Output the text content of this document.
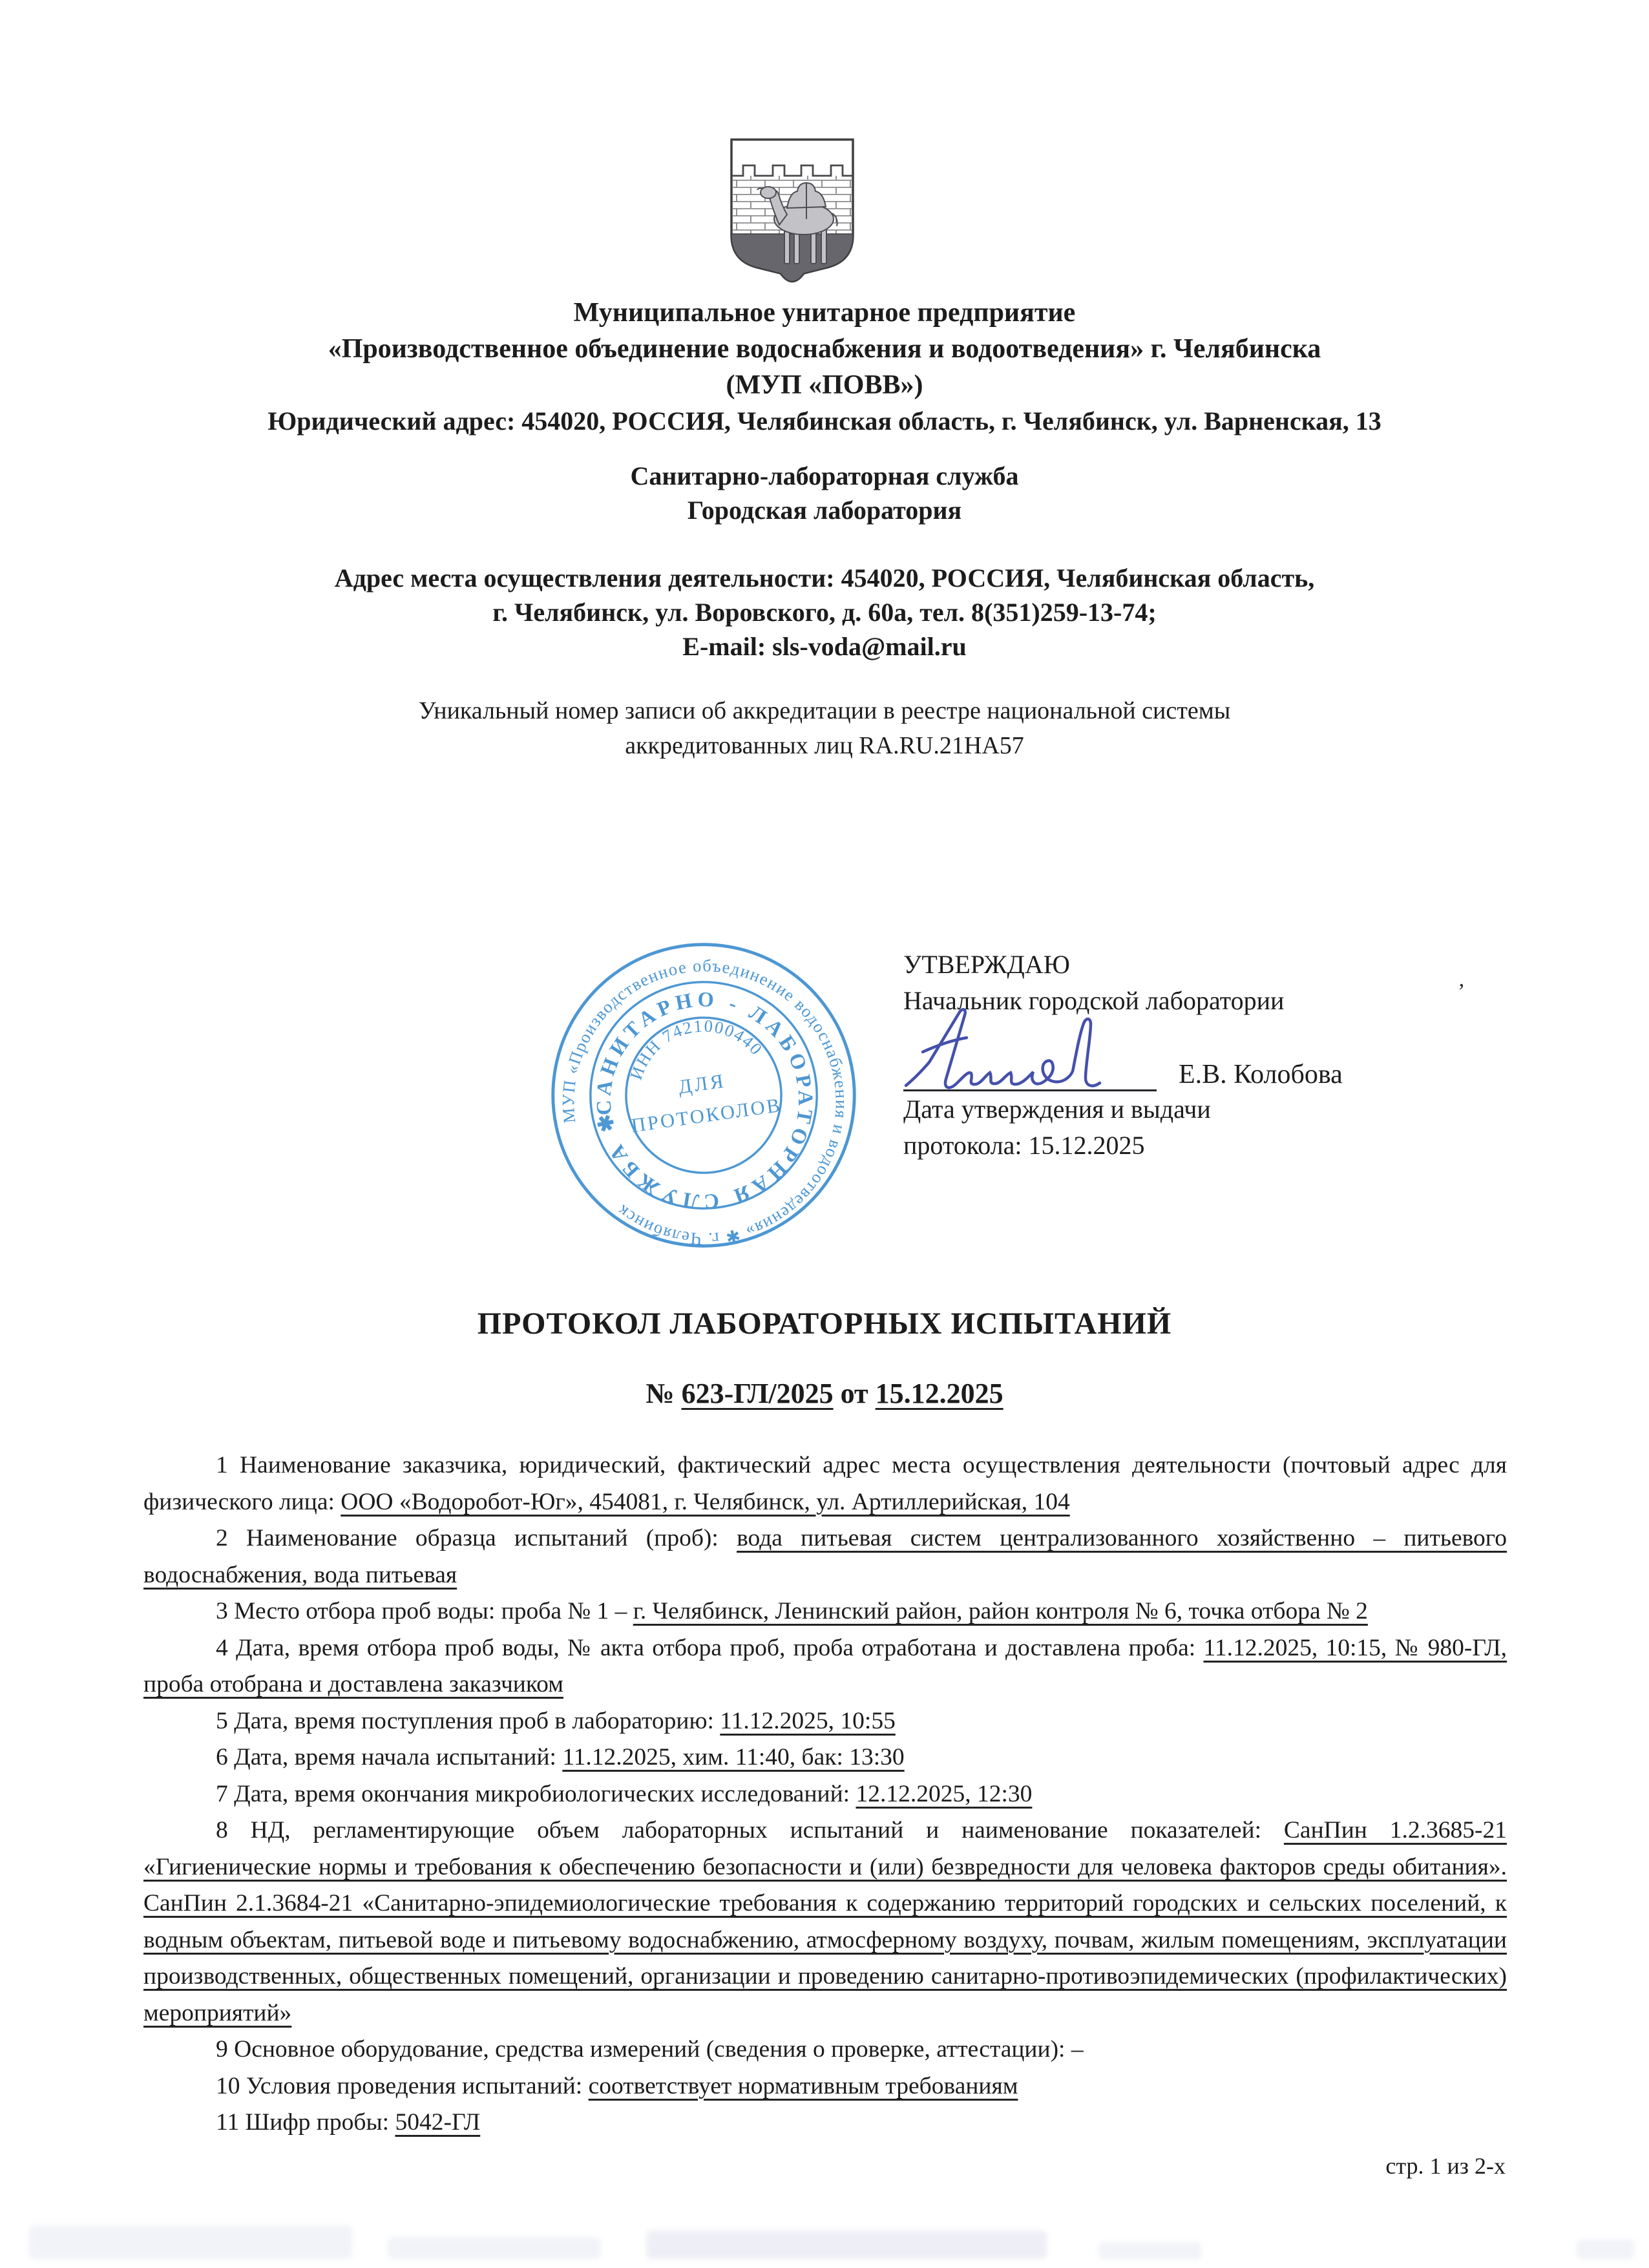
Муниципальное унитарное предприятие
«Производственное объединение водоснабжения и водоотведения» г. Челябинска
(МУП «ПОВВ»)
Юридический адрес: 454020, РОССИЯ, Челябинская область, г. Челябинск, ул. Варненская, 13
Санитарно-лабораторная служба
Городская лаборатория
Адрес места осуществления деятельности: 454020, РОССИЯ, Челябинская область,
г. Челябинск, ул. Воровского, д. 60а, тел. 8(351)259-13-74;
E-mail: sls-voda@mail.ru
Уникальный номер записи об аккредитации в реестре национальной системы
аккредитованных лиц RA.RU.21НА57
МУП «Производственное объединение водоснабжения и водоотведения» ✱ г. Челябинск
САНИТАРНО - ЛАБОРАТОРНАЯ СЛУЖБА ✱
ИНН 7421000440
ДЛЯ
ПРОТОКОЛОВ
УТВЕРЖДАЮ
Начальник городской лаборатории
Е.В. Колобова
Дата утверждения и выдачи
протокола: 15.12.2025
’
ПРОТОКОЛ ЛАБОРАТОРНЫХ ИСПЫТАНИЙ
№ 623-ГЛ/2025 от 15.12.2025

1 Наименование заказчика, юридический, фактический адрес места осуществления деятельности (почтовый адрес для физического лица: ООО «Водоробот-Юг», 454081, г. Челябинск, ул. Артиллерийская, 104

2 Наименование образца испытаний (проб): вода питьевая систем централизованного хозяйственно – питьевого водоснабжения, вода питьевая

3 Место отбора проб воды: проба № 1 – г. Челябинск, Ленинский район, район контроля № 6, точка отбора № 2

4 Дата, время отбора проб воды, № акта отбора проб, проба отработана и доставлена проба: 11.12.2025, 10:15, № 980-ГЛ, проба отобрана и доставлена заказчиком

5 Дата, время поступления проб в лабораторию: 11.12.2025, 10:55

6 Дата, время начала испытаний: 11.12.2025, хим. 11:40, бак: 13:30

7 Дата, время окончания микробиологических исследований: 12.12.2025, 12:30

8 НД, регламентирующие объем лабораторных испытаний и наименование показателей: СанПин 1.2.3685-21 «Гигиенические нормы и требования к обеспечению безопасности и (или) безвредности для человека факторов среды обитания». СанПин 2.1.3684-21 «Санитарно-эпидемиологические требования к содержанию территорий городских и сельских поселений, к водным объектам, питьевой воде и питьевому водоснабжению, атмосферному воздуху, почвам, жилым помещениям, эксплуатации производственных, общественных помещений, организации и проведению санитарно-противоэпидемических (профилактических) мероприятий»

9 Основное оборудование, средства измерений (сведения о проверке, аттестации): –

10 Условия проведения испытаний: соответствует нормативным требованиям

11 Шифр пробы: 5042-ГЛ

стр. 1 из 2-х
